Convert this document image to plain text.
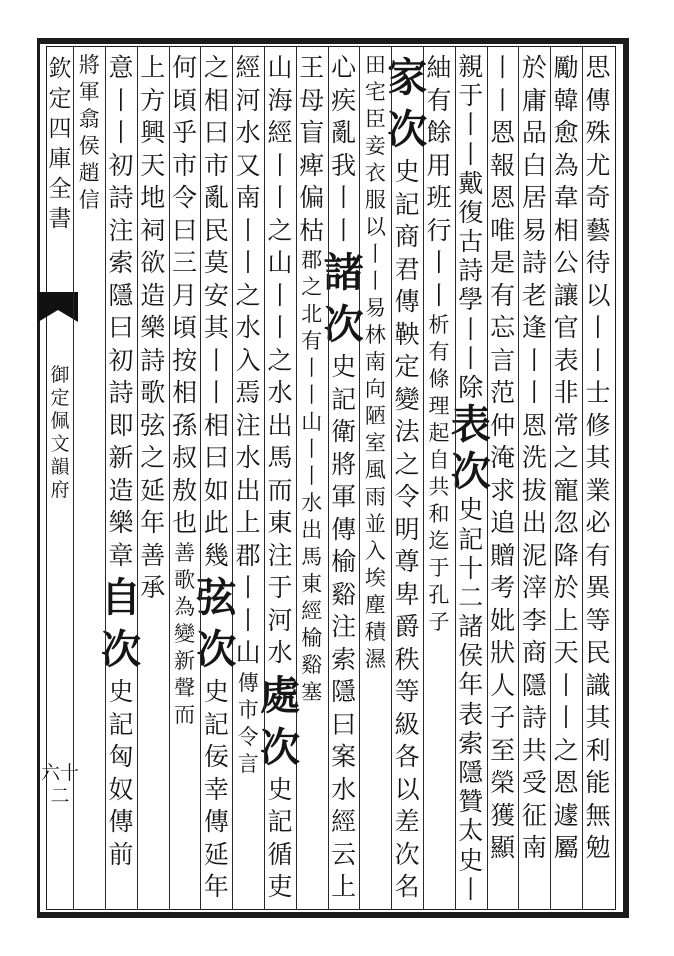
欽
定
四
庫
全
書
御
定
佩
文
韻
府
六十二
思
傳
殊
尤
奇
藝
待
以
丨
丨
士
修
其
業
必
有
異
等
民
識
其
利
能
無
勉
勵
韓
愈
為
韋
相
公
讓
官
表
非
常
之
寵
忽
降
於
上
天
丨
丨
之
恩
遽
屬
於
庸
品
白
居
易
詩
老
逢
丨
丨
恩
洗
拔
出
泥
滓
李
商
隱
詩
共
受
征
南
丨
丨
恩
報
恩
唯
是
有
忘
言
范
仲
淹
求
追
贈
考
妣
狀
人
子
至
榮
獲
顯
親
于
丨
丨
戴
復
古
詩
學
丨
丨
除
表
次
史
記
十
二
諸
侯
年
表
索
隱
贊
太
史
丨
紬
有
餘
用
班
行
丨
丨
析
有
條
理
起
自
共
和
迄
于
孔
子
家
次
史
記
商
君
傳
鞅
定
變
法
之
令
明
尊
卑
爵
秩
等
級
各
以
差
次
名
田
宅
臣
妾
衣
服
以
丨
丨
易
林
南
向
陋
室
風
雨
並
入
埃
塵
積
濕
心
疾
亂
我
丨
丨
諸
次
史
記
衛
將
軍
傳
榆
谿
注
索
隱
曰
案
水
經
云
上
王
母
盲
痺
偏
枯
郡
之
北
有
丨
丨
山
丨
丨
水
出
馬
東
經
榆
谿
塞
山
海
經
丨
丨
之
山
丨
丨
之
水
出
馬
而
東
注
于
河
水
處
次
史
記
循
吏
經
河
水
又
南
丨
丨
之
水
入
焉
注
水
出
上
郡
丨
丨
山
傳
市
令
言
之
相
曰
市
亂
民
莫
安
其
丨
丨
相
曰
如
此
幾
弦
次
史
記
佞
幸
傳
延
年
何
頃
乎
市
令
曰
三
月
頃
按
相
孫
叔
敖
也
善
歌
為
變
新
聲
而
上
方
興
天
地
祠
欲
造
樂
詩
歌
弦
之
延
年
善
承
意
丨
丨
初
詩
注
索
隱
曰
初
詩
即
新
造
樂
章
自
次
史
記
匈
奴
傳
前
將
軍
翕
侯
趙
信
